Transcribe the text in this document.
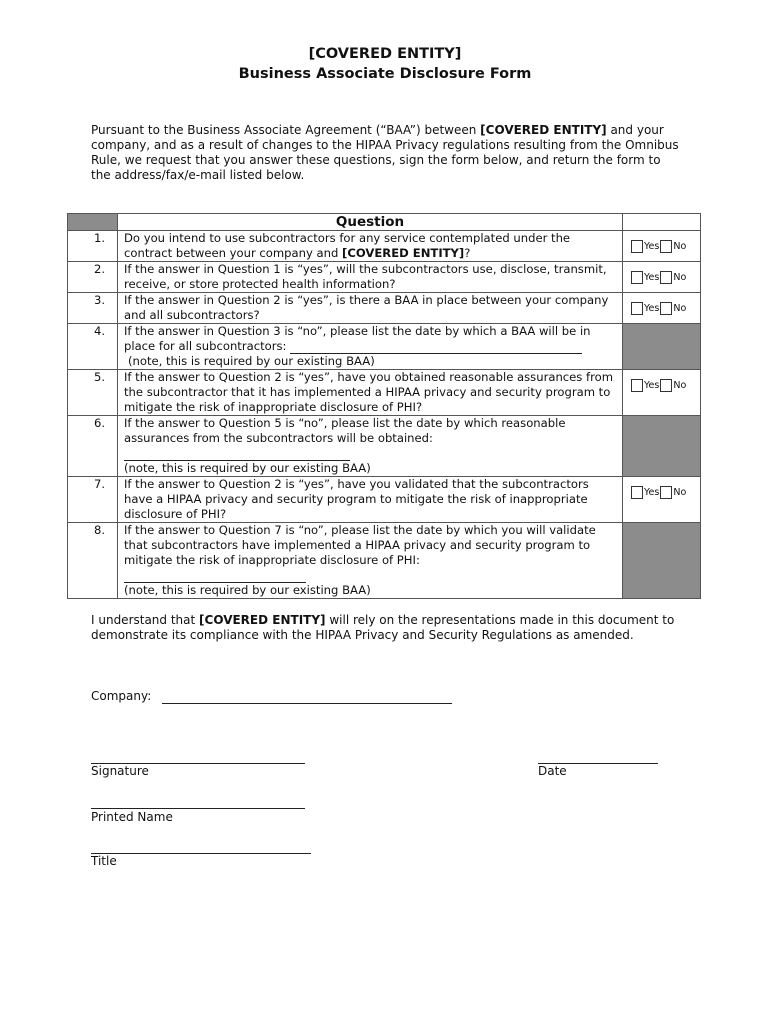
[COVERED ENTITY]
Business Associate Disclosure Form
Pursuant to the Business Associate Agreement (“BAA”) between [COVERED ENTITY] and your company, and as a result of changes to the HIPAA Privacy regulations resulting from the Omnibus Rule, we request that you answer these questions, sign the form below, and return the form to the address/fax/e-mail listed below.
	Question	
1.	Do you intend to use subcontractors for any service contemplated under the contract between your company and [COVERED ENTITY]?	Yes No

2.	If the answer in Question 1 is “yes”, will the subcontractors use, disclose, transmit, receive, or store protected health information?	Yes No

3.	If the answer in Question 2 is “yes”, is there a BAA in place between your company and all subcontractors?	Yes No

4.	If the answer in Question 3 is “no”, please list the date by which a BAA will be in place for all subcontractors:
(note, this is required by our existing BAA)	
5.	If the answer to Question 2 is “yes”, have you obtained reasonable assurances from the subcontractor that it has implemented a HIPAA privacy and security program to mitigate the risk of inappropriate disclosure of PHI?	Yes No

6.	If the answer to Question 5 is “no”, please list the date by which reasonable assurances from the subcontractors will be obtained:

(note, this is required by our existing BAA)	
7.	If the answer to Question 2 is “yes”, have you validated that the subcontractors have a HIPAA privacy and security program to mitigate the risk of inappropriate disclosure of PHI?	Yes No

8.	If the answer to Question 7 is “no”, please list the date by which you will validate that subcontractors have implemented a HIPAA privacy and security program to mitigate the risk of inappropriate disclosure of PHI:

(note, this is required by our existing BAA)	
I understand that [COVERED ENTITY] will rely on the representations made in this document to demonstrate its compliance with the HIPAA Privacy and Security Regulations as amended.
Company:
Signature	Date
Printed Name
Title
